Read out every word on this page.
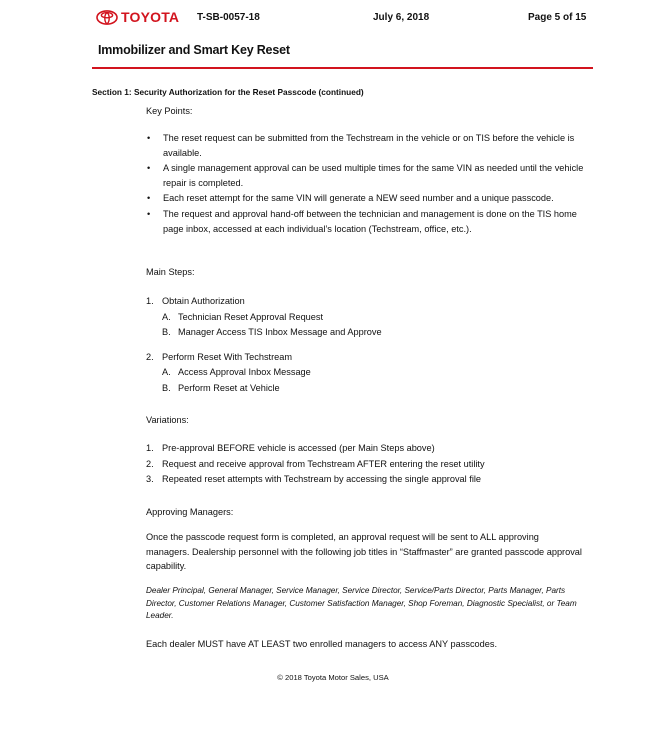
TOYOTA T-SB-0057-18	July 6, 2018	Page 5 of 15
Immobilizer and Smart Key Reset
Section 1: Security Authorization for the Reset Passcode (continued)
Key Points:
• The reset request can be submitted from the Techstream in the vehicle or on TIS before the vehicle is available.
• A single management approval can be used multiple times for the same VIN as needed until the vehicle repair is completed.
• Each reset attempt for the same VIN will generate a NEW seed number and a unique passcode.
• The request and approval hand-off between the technician and management is done on the TIS home page inbox, accessed at each individual’s location (Techstream, office, etc.).
Main Steps:
1. Obtain Authorization
A. Technician Reset Approval Request
B. Manager Access TIS Inbox Message and Approve
2. Perform Reset With Techstream
A. Access Approval Inbox Message
B. Perform Reset at Vehicle
Variations:
1. Pre-approval BEFORE vehicle is accessed (per Main Steps above)
2. Request and receive approval from Techstream AFTER entering the reset utility
3. Repeated reset attempts with Techstream by accessing the single approval file
Approving Managers:
Once the passcode request form is completed, an approval request will be sent to ALL approving managers. Dealership personnel with the following job titles in “Staffmaster” are granted passcode approval capability.
Dealer Principal, General Manager, Service Manager, Service Director, Service/Parts Director, Parts Manager, Parts Director, Customer Relations Manager, Customer Satisfaction Manager, Shop Foreman, Diagnostic Specialist, or Team Leader.
Each dealer MUST have AT LEAST two enrolled managers to access ANY passcodes.
© 2018 Toyota Motor Sales, USA
